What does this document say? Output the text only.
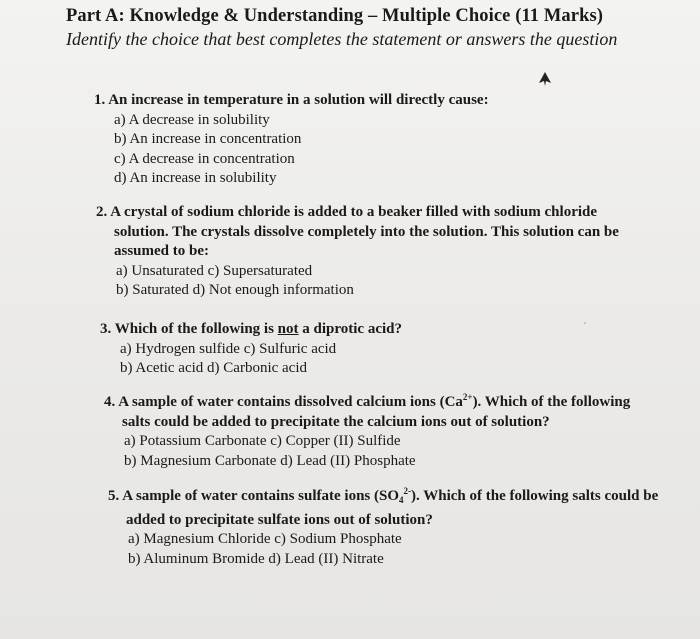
Part A: Knowledge & Understanding – Multiple Choice (11 Marks)
Identify the choice that best completes the statement or answers the question
1. An increase in temperature in a solution will directly cause:
a) A decrease in solubility
b) An increase in concentration
c) A decrease in concentration
d) An increase in solubility
2. A crystal of sodium chloride is added to a beaker filled with sodium chloride
solution. The crystals dissolve completely into the solution. This solution can be
assumed to be:
a) Unsaturated c) Supersaturated
b) Saturated d) Not enough information
3. Which of the following is not a diprotic acid?
a) Hydrogen sulfide c) Sulfuric acid
b) Acetic acid d) Carbonic acid
4. A sample of water contains dissolved calcium ions $(Ca^{2+})$. Which of the following
salts could be added to precipitate the calcium ions out of solution?
a) Potassium Carbonate c) Copper (II) Sulfide
b) Magnesium Carbonate d) Lead (II) Phosphate
5. A sample of water contains sulfate ions $(SO_4^{2-})$. Which of the following salts could be
added to precipitate sulfate ions out of solution?
a) Magnesium Chloride c) Sodium Phosphate
b) Aluminum Bromide d) Lead (II) Nitrate
